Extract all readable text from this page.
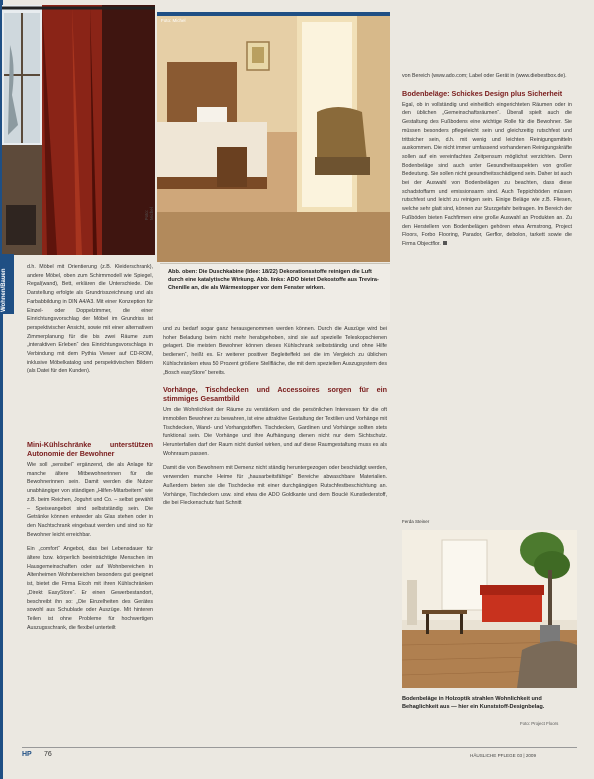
Foto: Michel
Foto: Michel
Abb. oben: Die Duschkabine (Idee: 18/22) Dekorationsstoffe reinigen die Luft durch eine katalytische Wirkung. Abb. links: ADO bietet Dekostoffe aus Trevira-Chenille an, die als Wärmestopper vor dem Fenster wirken.
Wohnen/Bauen

d.h. Möbel mit Orientierung (z.B. Kleiderschrank), andere Möbel, oben zum Schirmmodell wie Spiegel, Regal(wand), Bett, erklären die Unterschiede. Die Darstellung erfolgte als Grundrisszeichnung und als Farbabbildung in DIN A4/A3. Mit einer Konzeption für Einzel- oder Doppelzimmer, die einer Einrichtungsvorschlag der Möbel im Grundriss ist perspektivischer Ansicht, sowie mit einer alternativen Zimmerplanung für die bis zwei Räume zum „interaktiven Erleben“ des Einrichtungsvorschlags in Verbindung mit dem Pythia Viewer auf CD-ROM, inklusive Möbelkatalog und perspektivischen Bildern (als Datei für den Kunden).

Mini-Kühlschränke unterstützen Autonomie der Bewohner

Wie soll „sensibel“ ergänzend, die als Anlage für manche ältere Mitbewohnerinnen für die Bewohnerinnen sein. Damit werden die Nutzer unabhängiger von ständigen „Hilfen-Mitarbeitern“ wie z.B. beim Reichen, Joguhrt und Co. – selbst gewählt – Speiseangebot sind selbstständig sein. Die Getränke können entweder als Glas stehen oder in den Nachtschrank eingebaut werden und sind so für Bewohner leicht erreichbar.

Ein „comfort“ Angebot, das bei Lebensdauer für ältere bzw. körperlich beeinträchtigte Menschen im Hausgemeinschaften oder auf Wohnbereichen in Altenheimen Wohnbereichen besonders gut geeignet ist, bietet die Firma Eicoh mit ihren Kühlschränken „Direkt EasyStore“. Er einen Gewerbestandort, beschreibt ihn so: „Die Einzelheiten des Gerätes sowohl aus Schublade oder Auszüge. Mit hinteren Teilen ist ohne Probleme für hochwertigen Auszugsschrank, die flexibel unterteilt

und zu bedarf sogar ganz herausgenommen werden können. Durch die Auszüge wird bei hoher Beladung beim nicht mehr herabgehoben, sind sie auf spezielle Teleskopschienen gelagert. Die meisten Bewohner können dieses Kühlschrank selbstständig und ohne Hilfe bedienen“, heißt es. Er weiterer positiver Begleiteffekt sei die im Vergleich zu üblichen Kühlschränken etwa 50 Prozent größere Stellfläche, die mit dem speziellen Auszugsystem des „Bosch easyStore“ bereits.

Vorhänge, Tischdecken und Accessoires sorgen für ein stimmiges Gesamtbild

Um die Wohnlichkeit der Räume zu verstärken und die persönlichen Interessen für die oft immobilen Bewohner zu bewahren, ist eine attraktive Gestaltung der Textilien und Vorhänge mit Tischdecken, Wand- und Vorhangstoffen. Tischdecken, Gardinen und Vorhänge sollten stets funktional sein. Die Vorhänge und ihre Aufhängung dienen nicht nur dem Sichtschutz. Herunterfallen darf der Raum nicht dunkel wirken, und auf diese Raumgestaltung muss es als Wohnraum passen.

Damit die von Bewohnern mit Demenz nicht ständig heruntergezogen oder beschädigt werden, verwenden manche Heime für „hausarbeitsfähige“ Bereiche abwaschbare Materialien. Außerdem bieten sie die Tischdecke mit einer durchgängigen Rutschfestbeschichtung an. Vorhänge, Tischdecken usw. sind etwa die ADO Goldkante und dem Bouclé Kunstlederstoff, die bei Fleckenschutz fast Schnitt

von Bereich (www.ado.com; Label oder Gerät in (www.diebestbox.de).

Bodenbeläge: Schickes Design plus Sicherheit

Egal, ob in vollständig und einheitlich eingerichteten Räumen oder in den üblichen „Gemeinschaftsräumen“. Überall spielt auch die Gestaltung des Fußbodens eine wichtige Rolle für die Bewohner. Sie müssen besonders pflegeleicht sein und gleichzeitig rutschfest und trittsicher sein, d.h. mit wenig und leichten Reinigungsmitteln auskommen. Die nicht immer umfassend vorhandenen Reinigungskräfte sollen auf ein vereinfachtes Zeitpensum möglichst verzichten. Denn Bodenbeläge sind auch unter Gesundheitsaspekten von großer Bedeutung. Sie sollen nicht gesundheitsschädigend sein. Daher ist auch bei der Auswahl von Bodenbelägen zu beachten, dass diese schadstoffarm und emissionsarm sind. Auch Teppichböden müssen rutschfest und leicht zu reinigen sein. Einige Beläge wie z.B. Fliesen, welche sehr glatt sind, können zur Sturzgefahr beitragen. Im Bereich der Fußböden bieten Fachfirmen eine große Auswahl an Produkten an. Zu den Herstellern von Bodenbelägen gehören etwa Armstrong, Project Floors, Forbo Flooring, Parador, Gerflor, debolon, tarkett sowie die Firma Objectflor.

Ferda Steiner
Bodenbeläge in Holzoptik strahlen Wohnlichkeit und Behaglichkeit aus — hier ein Kunststoff-Designbelag.
Foto: Project Floors
HP 76	HÄUSLICHE PFLEGE 03 | 2009
